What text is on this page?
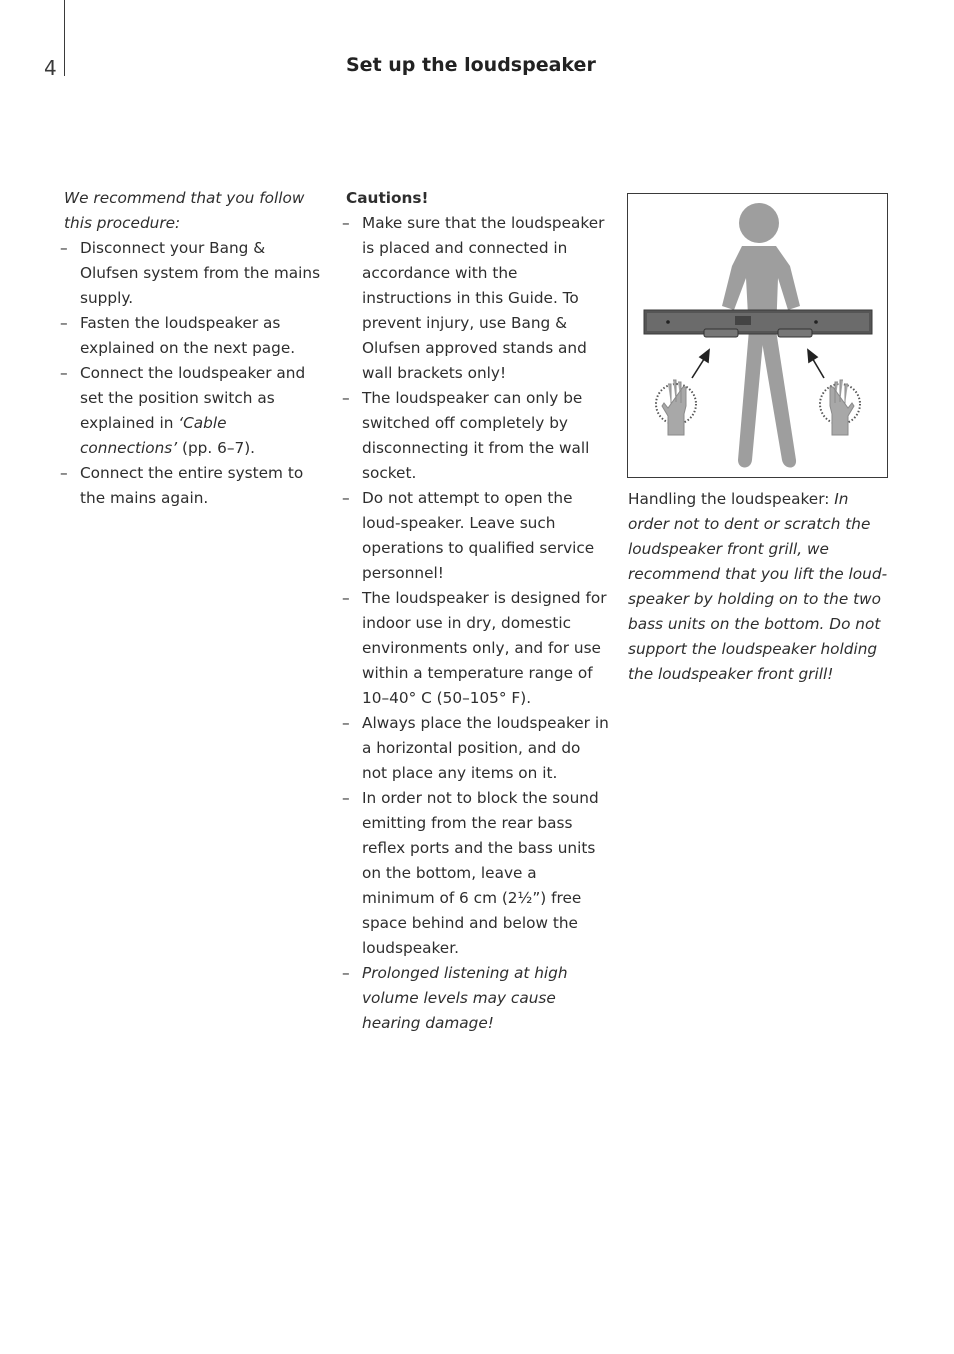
4	Set up the loudspeaker

We recommend that you follow this procedure:

– Disconnect your Bang & Olufsen system from the mains supply.
– Fasten the loudspeaker as explained on the next page.
– Connect the loudspeaker and set the position switch as explained in ‘Cable connections’ (pp. 6–7).
– Connect the entire system to the mains again.

Cautions!

– Make sure that the loudspeaker is placed and connected in accordance with the instructions in this Guide. To prevent injury, use Bang & Olufsen approved stands and wall brackets only!
– The loudspeaker can only be switched off completely by disconnecting it from the wall socket.
– Do not attempt to open the loud-speaker. Leave such operations to qualified service personnel!
– The loudspeaker is designed for indoor use in dry, domestic environments only, and for use within a temperature range of 10–40° C (50–105° F).
– Always place the loudspeaker in a horizontal position, and do not place any items on it.
– In order not to block the sound emitting from the rear bass reflex ports and the bass units on the bottom, leave a minimum of 6 cm (2½”) free space behind and below the loudspeaker.
– Prolonged listening at high volume levels may cause hearing damage!

Handling the loudspeaker: In order not to dent or scratch the loudspeaker front grill, we recommend that you lift the loud-speaker by holding on to the two bass units on the bottom. Do not support the loudspeaker holding the loudspeaker front grill!
